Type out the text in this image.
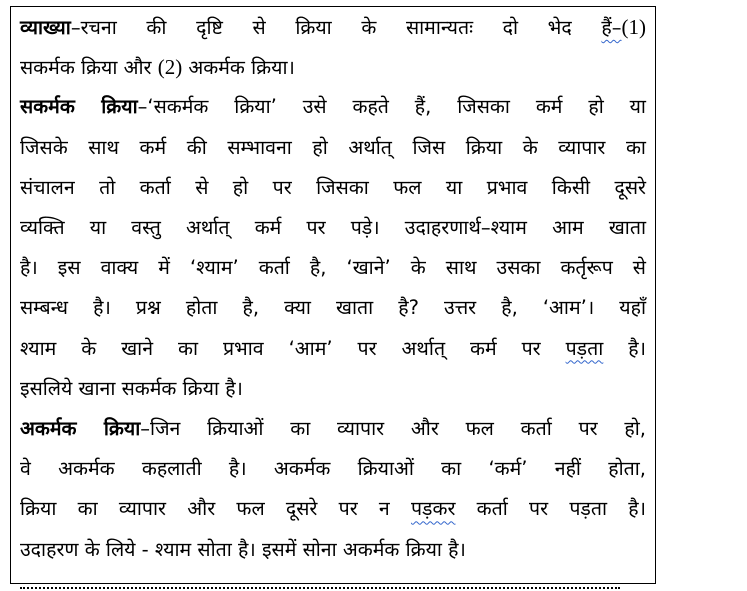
व्याख्या–रचना की दृष्टि से क्रिया के सामान्यतः दो भेद हैं–(1)
सकर्मक क्रिया और (2) अकर्मक क्रिया।
सकर्मक क्रिया–‘सकर्मक क्रिया’ उसे कहते हैं, जिसका कर्म हो या
जिसके साथ कर्म की सम्भावना हो अर्थात् जिस क्रिया के व्यापार का
संचालन तो कर्ता से हो पर जिसका फल या प्रभाव किसी दूसरे
व्यक्ति या वस्तु अर्थात् कर्म पर पड़े। उदाहरणार्थ–श्याम आम खाता
है। इस वाक्य में ‘श्याम’ कर्ता है, ‘खाने’ के साथ उसका कर्तृरूप से
सम्बन्ध है। प्रश्न होता है, क्या खाता है? उत्तर है, ‘आम’। यहाँ
श्याम के खाने का प्रभाव ‘आम’ पर अर्थात् कर्म पर पड़ता है।
इसलिये खाना सकर्मक क्रिया है।
अकर्मक क्रिया–जिन क्रियाओं का व्यापार और फल कर्ता पर हो,
वे अकर्मक कहलाती है। अकर्मक क्रियाओं का ‘कर्म’ नहीं होता,
क्रिया का व्यापार और फल दूसरे पर न पड़कर कर्ता पर पड़ता है।
उदाहरण के लिये - श्याम सोता है। इसमें सोना अकर्मक क्रिया है।
